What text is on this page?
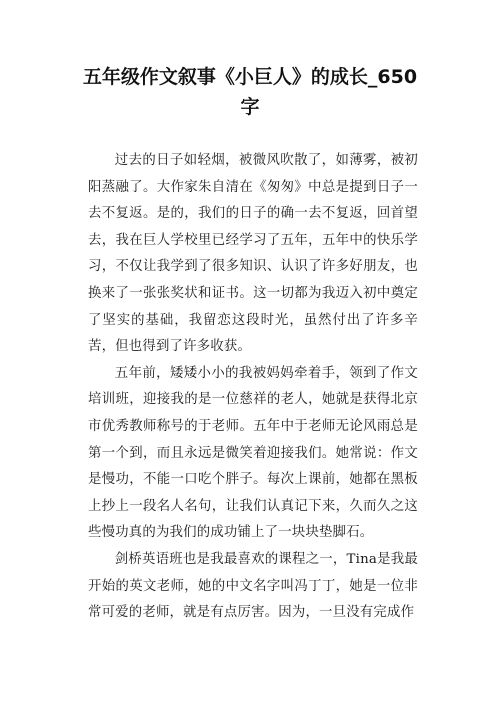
五年级作文叙事《小巨人》的成长_650字

过去的日子如轻烟，被微风吹散了，如薄雾，被初阳蒸融了。大作家朱自清在《匆匆》中总是提到日子一去不复返。是的，我们的日子的确一去不复返，回首望去，我在巨人学校里已经学习了五年，五年中的快乐学习，不仅让我学到了很多知识、认识了许多好朋友，也换来了一张张奖状和证书。这一切都为我迈入初中奠定了坚实的基础，我留恋这段时光，虽然付出了许多辛苦，但也得到了许多收获。

五年前，矮矮小小的我被妈妈牵着手，领到了作文培训班，迎接我的是一位慈祥的老人，她就是获得北京市优秀教师称号的于老师。五年中于老师无论风雨总是第一个到，而且永远是微笑着迎接我们。她常说：作文是慢功，不能一口吃个胖子。每次上课前，她都在黑板上抄上一段名人名句，让我们认真记下来，久而久之这些慢功真的为我们的成功铺上了一块块垫脚石。

剑桥英语班也是我最喜欢的课程之一，Tina是我最开始的英文老师，她的中文名字叫冯丁丁，她是一位非常可爱的老师，就是有点厉害。因为，一旦没有完成作
